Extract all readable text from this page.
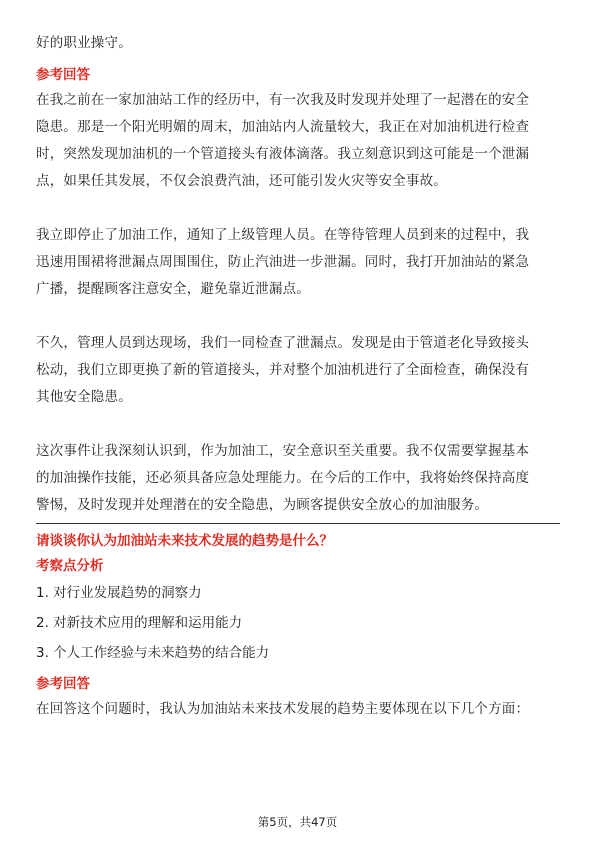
好的职业操守。
参考回答
在我之前在一家加油站工作的经历中，有一次我及时发现并处理了一起潜在的安全
隐患。那是一个阳光明媚的周末，加油站内人流量较大，我正在对加油机进行检查
时，突然发现加油机的一个管道接头有液体滴落。我立刻意识到这可能是一个泄漏
点，如果任其发展，不仅会浪费汽油，还可能引发火灾等安全事故。
我立即停止了加油工作，通知了上级管理人员。在等待管理人员到来的过程中，我
迅速用围裙将泄漏点周围围住，防止汽油进一步泄漏。同时，我打开加油站的紧急
广播，提醒顾客注意安全，避免靠近泄漏点。
不久，管理人员到达现场，我们一同检查了泄漏点。发现是由于管道老化导致接头
松动，我们立即更换了新的管道接头，并对整个加油机进行了全面检查，确保没有
其他安全隐患。
这次事件让我深刻认识到，作为加油工，安全意识至关重要。我不仅需要掌握基本
的加油操作技能，还必须具备应急处理能力。在今后的工作中，我将始终保持高度
警惕，及时发现并处理潜在的安全隐患，为顾客提供安全放心的加油服务。
请谈谈你认为加油站未来技术发展的趋势是什么？
考察点分析
1. 对行业发展趋势的洞察力
2. 对新技术应用的理解和运用能力
3. 个人工作经验与未来趋势的结合能力
参考回答
在回答这个问题时，我认为加油站未来技术发展的趋势主要体现在以下几个方面：
第5页，共47页
